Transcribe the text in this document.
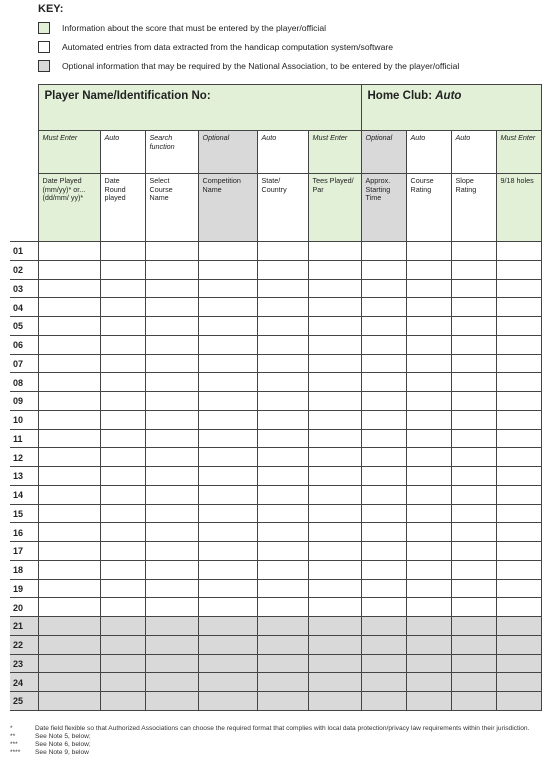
KEY:
Information about the score that must be entered by the player/official
Automated entries from data extracted from the handicap computation system/software
Optional information that may be required by the National Association, to be entered by the player/official
	Player Name/Identification No:						Home Club: Auto			
	Must Enter	Auto	Search function	Optional	Auto	Must Enter	Optional	Auto	Auto	Must Enter
	Date Played (mm/yy)* or... (dd/mm/ yy)*	Date Round played	Select Course Name	Competition Name	State/ Country	Tees Played/ Par	Approx. Starting Time	Course Rating	Slope Rating	9/18 holes
01										
02										
03										
04										
05										
06										
07										
08										
09										
10										
11										
12										
13										
14										
15										
16										
17										
18										
19										
20										
21										
22										
23										
24										
25										
*	Date field flexible so that Authorized Associations can choose the required format that complies with local data protection/privacy law requirements within their jurisdiction.
**	See Note 5, below;
***	See Note 6, below;
****	See Note 9, below
